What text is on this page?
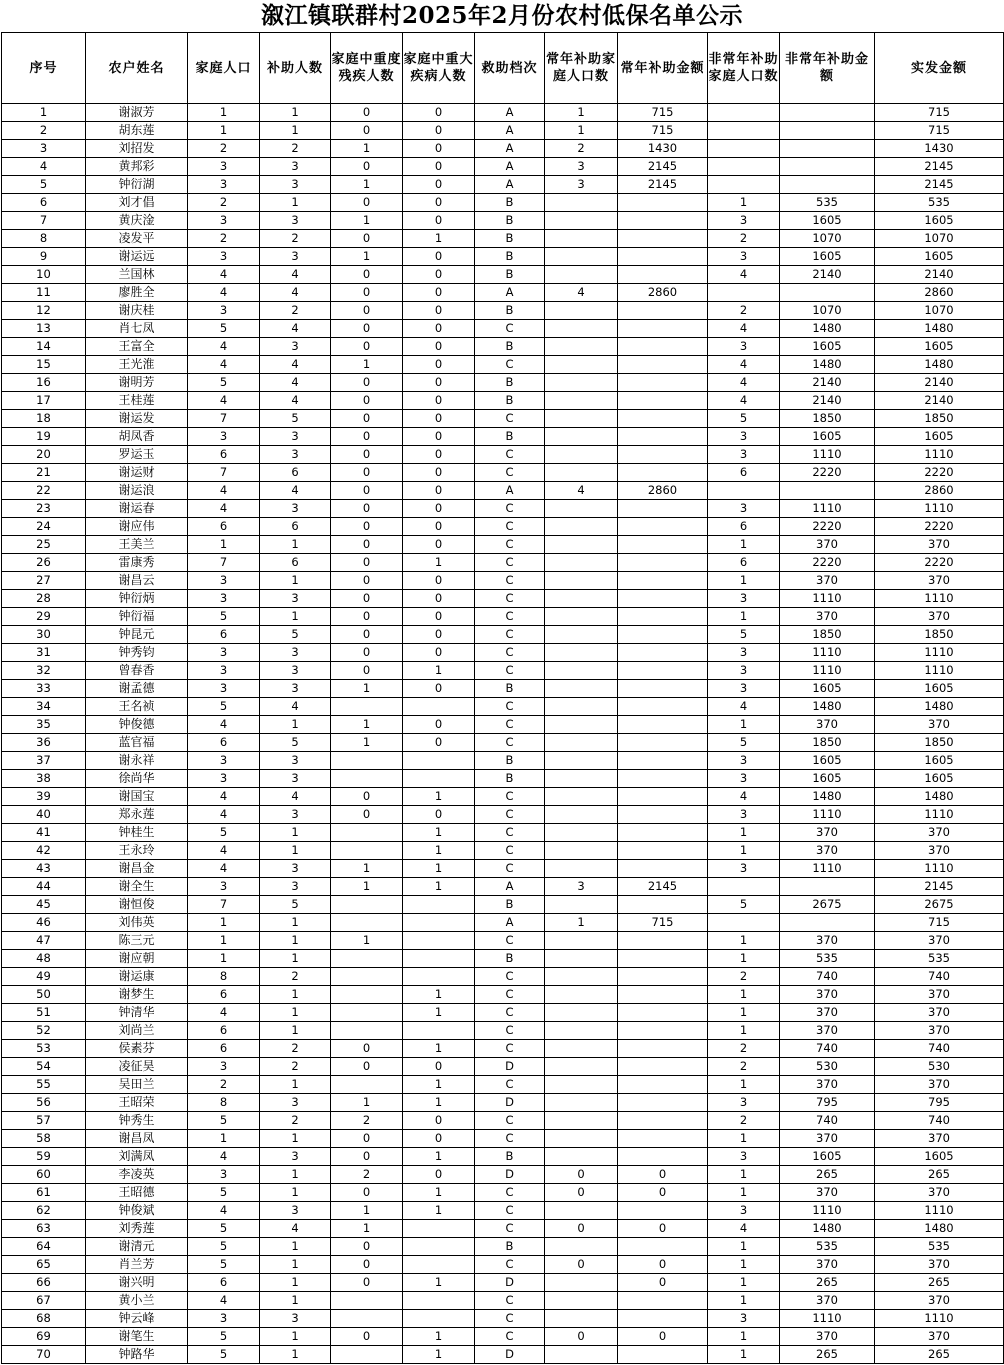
溆江镇联群村2025年2月份农村低保名单公示
序号	农户姓名	家庭人口	补助人数	家庭中重度残疾人数	家庭中重大疾病人数	救助档次	常年补助家庭人口数	常年补助金额	非常年补助家庭人口数	非常年补助金额	实发金额
1	谢淑芳	1	1	0	0	A	1	715			715
2	胡东莲	1	1	0	0	A	1	715			715
3	刘招发	2	2	1	0	A	2	1430			1430
4	黄邦彩	3	3	0	0	A	3	2145			2145
5	钟衍湖	3	3	1	0	A	3	2145			2145
6	刘才倡	2	1	0	0	B			1	535	535
7	黄庆淦	3	3	1	0	B			3	1605	1605
8	凌发平	2	2	0	1	B			2	1070	1070
9	谢运远	3	3	1	0	B			3	1605	1605
10	兰国林	4	4	0	0	B			4	2140	2140
11	廖胜全	4	4	0	0	A	4	2860			2860
12	谢庆桂	3	2	0	0	B			2	1070	1070
13	肖七凤	5	4	0	0	C			4	1480	1480
14	王富全	4	3	0	0	B			3	1605	1605
15	王光淮	4	4	1	0	C			4	1480	1480
16	谢明芳	5	4	0	0	B			4	2140	2140
17	王桂莲	4	4	0	0	B			4	2140	2140
18	谢运发	7	5	0	0	C			5	1850	1850
19	胡凤香	3	3	0	0	B			3	1605	1605
20	罗运玉	6	3	0	0	C			3	1110	1110
21	谢运财	7	6	0	0	C			6	2220	2220
22	谢运浪	4	4	0	0	A	4	2860			2860
23	谢运春	4	3	0	0	C			3	1110	1110
24	谢应伟	6	6	0	0	C			6	2220	2220
25	王美兰	1	1	0	0	C			1	370	370
26	雷康秀	7	6	0	1	C			6	2220	2220
27	谢昌云	3	1	0	0	C			1	370	370
28	钟衍炳	3	3	0	0	C			3	1110	1110
29	钟衍福	5	1	0	0	C			1	370	370
30	钟昆元	6	5	0	0	C			5	1850	1850
31	钟秀钧	3	3	0	0	C			3	1110	1110
32	曾春香	3	3	0	1	C			3	1110	1110
33	谢孟德	3	3	1	0	B			3	1605	1605
34	王名祯	5	4			C			4	1480	1480
35	钟俊德	4	1	1	0	C			1	370	370
36	蓝官福	6	5	1	0	C			5	1850	1850
37	谢永祥	3	3			B			3	1605	1605
38	徐尚华	3	3			B			3	1605	1605
39	谢国宝	4	4	0	1	C			4	1480	1480
40	郑永莲	4	3	0	0	C			3	1110	1110
41	钟桂生	5	1		1	C			1	370	370
42	王永玲	4	1		1	C			1	370	370
43	谢昌金	4	3	1	1	C			3	1110	1110
44	谢全生	3	3	1	1	A	3	2145			2145
45	谢恒俊	7	5			B			5	2675	2675
46	刘伟英	1	1			A	1	715			715
47	陈三元	1	1	1		C			1	370	370
48	谢应朝	1	1			B			1	535	535
49	谢运康	8	2			C			2	740	740
50	谢梦生	6	1		1	C			1	370	370
51	钟清华	4	1		1	C			1	370	370
52	刘尚兰	6	1			C			1	370	370
53	侯素芬	6	2	0	1	C			2	740	740
54	凌征昊	3	2	0	0	D			2	530	530
55	吴田兰	2	1		1	C			1	370	370
56	王昭荣	8	3	1	1	D			3	795	795
57	钟秀生	5	2	2	0	C			2	740	740
58	谢昌凤	1	1	0	0	C			1	370	370
59	刘满凤	4	3	0	1	B			3	1605	1605
60	李凌英	3	1	2	0	D	0	0	1	265	265
61	王昭德	5	1	0	1	C	0	0	1	370	370
62	钟俊斌	4	3	1	1	C			3	1110	1110
63	刘秀莲	5	4	1		C	0	0	4	1480	1480
64	谢清元	5	1	0		B			1	535	535
65	肖兰芳	5	1	0		C	0	0	1	370	370
66	谢兴明	6	1	0	1	D		0	1	265	265
67	黄小兰	4	1			C			1	370	370
68	钟云峰	3	3			C			3	1110	1110
69	谢笔生	5	1	0	1	C	0	0	1	370	370
70	钟路华	5	1		1	D			1	265	265
